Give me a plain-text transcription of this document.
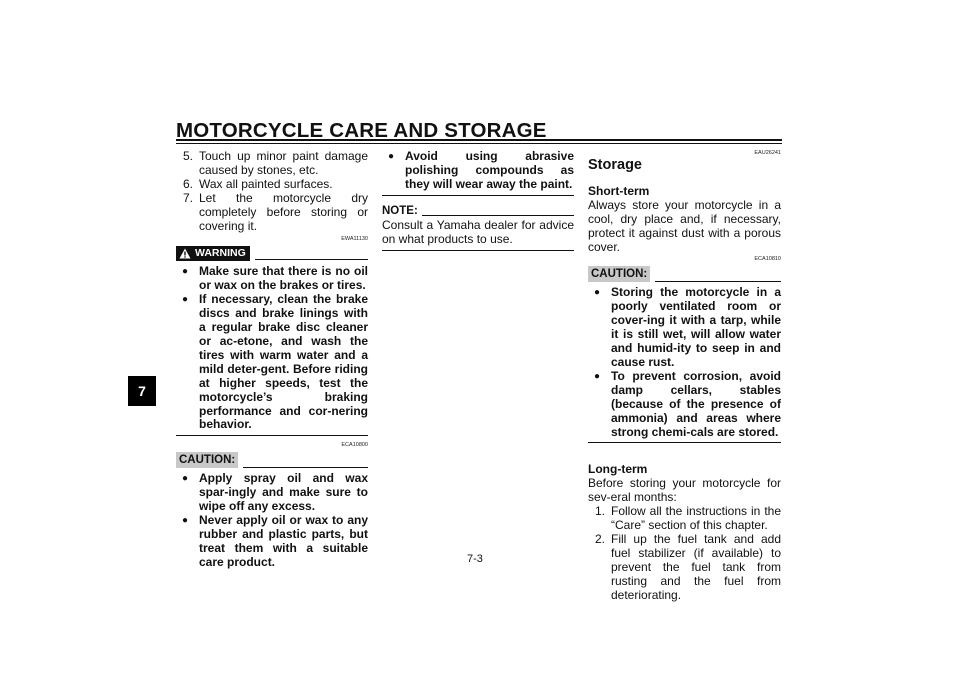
MOTORCYCLE CARE AND STORAGE
7
5. Touch up minor paint damage caused by stones, etc.
6. Wax all painted surfaces.
7. Let the motorcycle dry completely before storing or covering it.
EWA11130
WARNING
● Make sure that there is no oil or wax on the brakes or tires.
● If necessary, clean the brake discs and brake linings with a regular brake disc cleaner or ac-etone, and wash the tires with warm water and a mild deter-gent. Before riding at higher speeds, test the motorcycle’s braking performance and cor-nering behavior.
ECA10800
CAUTION:
● Apply spray oil and wax spar-ingly and make sure to wipe off any excess.
● Never apply oil or wax to any rubber and plastic parts, but treat them with a suitable care product.
● Avoid using abrasive polishing compounds as they will wear away the paint.
NOTE:
Consult a Yamaha dealer for advice on what products to use.
EAU26241
Storage
Short-term
Always store your motorcycle in a cool, dry place and, if necessary, protect it against dust with a porous cover.
ECA10810
CAUTION:
● Storing the motorcycle in a poorly ventilated room or cover-ing it with a tarp, while it is still wet, will allow water and humid-ity to seep in and cause rust.
● To prevent corrosion, avoid damp cellars, stables (because of the presence of ammonia) and areas where strong chemi-cals are stored.
Long-term
Before storing your motorcycle for sev-eral months:
1. Follow all the instructions in the “Care” section of this chapter.
2. Fill up the fuel tank and add fuel stabilizer (if available) to prevent the fuel tank from rusting and the fuel from deteriorating.
7-3
